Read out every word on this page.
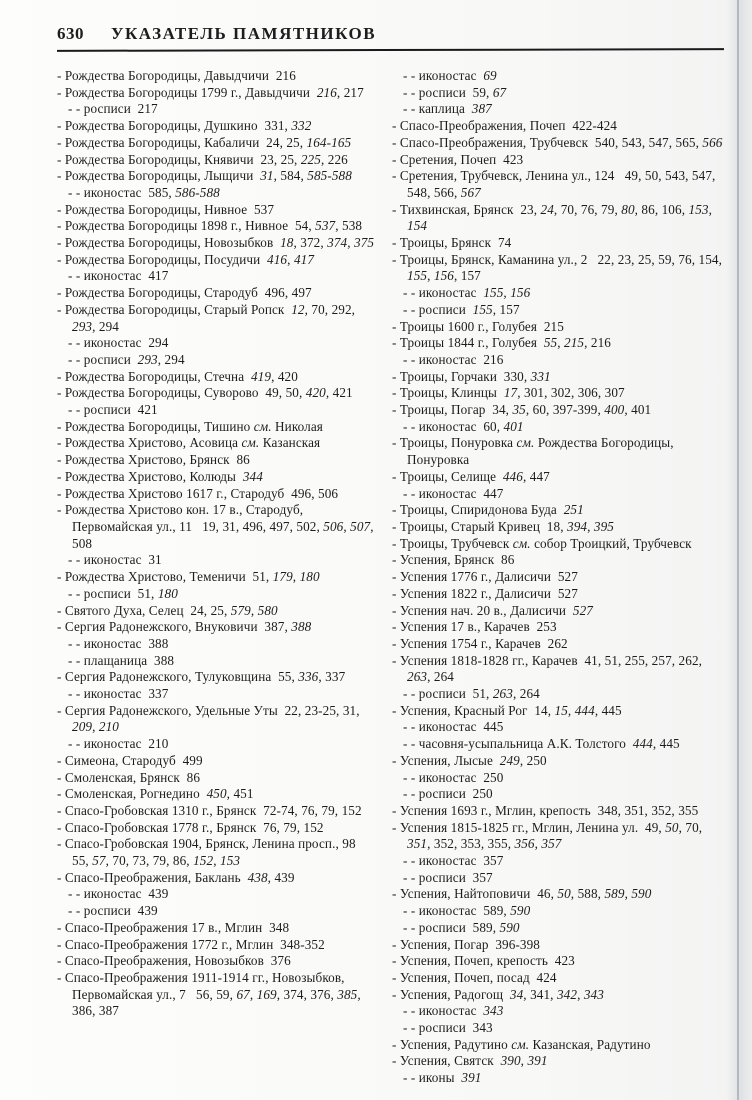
630 УКАЗАТЕЛЬ ПАМЯТНИКОВ
- Рождества Богородицы, Давыдчичи  216
- Рождества Богородицы 1799 г., Давыдчичи  216, 217
- - росписи  217
- Рождества Богородицы, Душкино  331, 332
- Рождества Богородицы, Кабаличи  24, 25, 164-165
- Рождества Богородицы, Княвичи  23, 25, 225, 226
- Рождества Богородицы, Лыщичи  31, 584, 585-588
- - иконостас  585, 586-588
- Рождества Богородицы, Нивное  537
- Рождества Богородицы 1898 г., Нивное  54, 537, 538
- Рождества Богородицы, Новозыбков  18, 372, 374, 375
- Рождества Богородицы, Посудичи  416, 417
- - иконостас  417
- Рождества Богородицы, Стародуб  496, 497
- Рождества Богородицы, Старый Ропск  12, 70, 292, 293, 294
- - иконостас  294
- - росписи  293, 294
- Рождества Богородицы, Стечна  419, 420
- Рождества Богородицы, Суворово  49, 50, 420, 421
- - росписи  421
- Рождества Богородицы, Тишино см. Николая
- Рождества Христово, Асовица см. Казанская
- Рождества Христово, Брянск  86
- Рождества Христово, Колюды  344
- Рождества Христово 1617 г., Стародуб  496, 506
- Рождества Христово кон. 17 в., Стародуб, Первомайская ул., 11   19, 31, 496, 497, 502, 506, 507, 508
- - иконостас  31
- Рождества Христово, Теменичи  51, 179, 180
- - росписи  51, 180
- Святого Духа, Селец  24, 25, 579, 580
- Сергия Радонежского, Внуковичи  387, 388
- - иконостас  388
- - плащаница  388
- Сергия Радонежского, Тулуковщина  55, 336, 337
- - иконостас  337
- Сергия Радонежского, Удельные Уты  22, 23-25, 31, 209, 210
- - иконостас  210
- Симеона, Стародуб  499
- Смоленская, Брянск  86
- Смоленская, Рогнедино  450, 451
- Спасо-Гробовская 1310 г., Брянск  72-74, 76, 79, 152
- Спасо-Гробовская 1778 г., Брянск  76, 79, 152
- Спасо-Гробовская 1904, Брянск, Ленина просп., 98   55, 57, 70, 73, 79, 86, 152, 153
- Спасо-Преображения, Баклань  438, 439
- - иконостас  439
- - росписи  439
- Спасо-Преображения 17 в., Мглин  348
- Спасо-Преображения 1772 г., Мглин  348-352
- Спасо-Преображения, Новозыбков  376
- Спасо-Преображения 1911-1914 гг., Новозыбков, Первомайская ул., 7   56, 59, 67, 169, 374, 376, 385, 386, 387
- - иконостас  69
- - росписи  59, 67
- - каплица  387
- Спасо-Преображения, Почеп  422-424
- Спасо-Преображения, Трубчевск  540, 543, 547, 565, 566
- Сретения, Почеп  423
- Сретения, Трубчевск, Ленина ул., 124   49, 50, 543, 547, 548, 566, 567
- Тихвинская, Брянск  23, 24, 70, 76, 79, 80, 86, 106, 153, 154
- Троицы, Брянск  74
- Троицы, Брянск, Каманина ул., 2   22, 23, 25, 59, 76, 154, 155, 156, 157
- - иконостас  155, 156
- - росписи  155, 157
- Троицы 1600 г., Голубея  215
- Троицы 1844 г., Голубея  55, 215, 216
- - иконостас  216
- Троицы, Горчаки  330, 331
- Троицы, Клинцы  17, 301, 302, 306, 307
- Троицы, Погар  34, 35, 60, 397-399, 400, 401
- - иконостас  60, 401
- Троицы, Понуровка см. Рождества Богородицы, Понуровка
- Троицы, Селище  446, 447
- - иконостас  447
- Троицы, Спиридонова Буда  251
- Троицы, Старый Кривец  18, 394, 395
- Троицы, Трубчевск см. собор Троицкий, Трубчевск
- Успения, Брянск  86
- Успения 1776 г., Далисичи  527
- Успения 1822 г., Далисичи  527
- Успения нач. 20 в., Далисичи  527
- Успения 17 в., Карачев  253
- Успения 1754 г., Карачев  262
- Успения 1818-1828 гг., Карачев  41, 51, 255, 257, 262, 263, 264
- - росписи  51, 263, 264
- Успения, Красный Рог  14, 15, 444, 445
- - иконостас  445
- - часовня-усыпальница А.К. Толстого  444, 445
- Успения, Лысые  249, 250
- - иконостас  250
- - росписи  250
- Успения 1693 г., Мглин, крепость  348, 351, 352, 355
- Успения 1815-1825 гг., Мглин, Ленина ул.  49, 50, 70, 351, 352, 353, 355, 356, 357
- - иконостас  357
- - росписи  357
- Успения, Найтоповичи  46, 50, 588, 589, 590
- - иконостас  589, 590
- - росписи  589, 590
- Успения, Погар  396-398
- Успения, Почеп, крепость  423
- Успения, Почеп, посад  424
- Успения, Радогощ  34, 341, 342, 343
- - иконостас  343
- - росписи  343
- Успения, Радутино см. Казанская, Радутино
- Успения, Святск  390, 391
- - иконы  391
